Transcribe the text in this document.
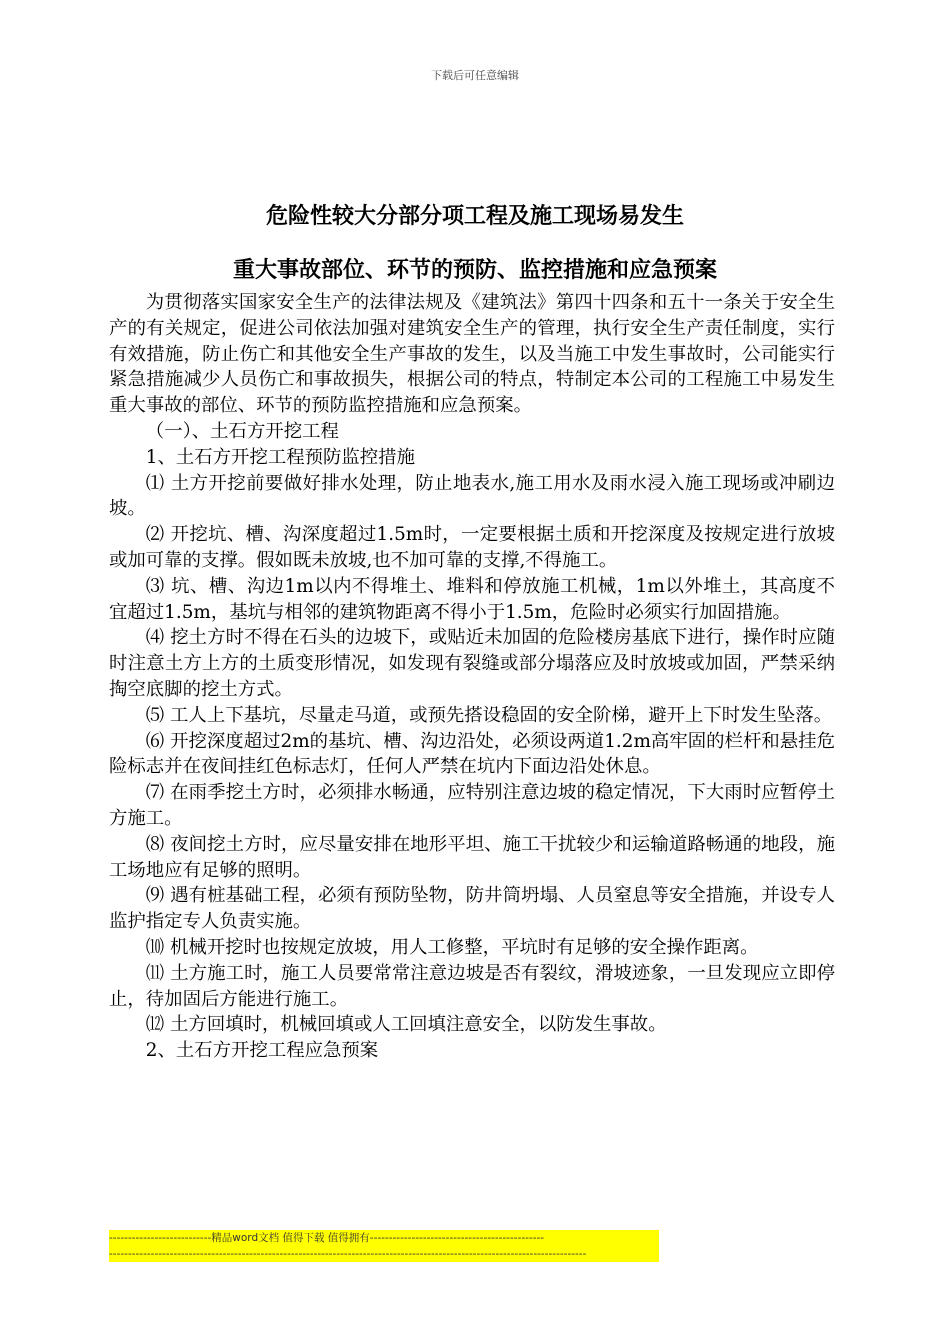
下载后可任意编辑
危险性较大分部分项工程及施工现场易发生
重大事故部位、环节的预防、监控措施和应急预案

为贯彻落实国家安全生产的法律法规及《建筑法》第四十四条和五十一条关于安全生产的有关规定，促进公司依法加强对建筑安全生产的管理，执行安全生产责任制度，实行有效措施，防止伤亡和其他安全生产事故的发生，以及当施工中发生事故时，公司能实行紧急措施减少人员伤亡和事故损失，根据公司的特点，特制定本公司的工程施工中易发生重大事故的部位、环节的预防监控措施和应急预案。

（一）、土石方开挖工程

1、土石方开挖工程预防监控措施

⑴ 土方开挖前要做好排水处理，防止地表水,施工用水及雨水浸入施工现场或冲刷边坡。

⑵ 开挖坑、槽、沟深度超过1.5m时，一定要根据土质和开挖深度及按规定进行放坡或加可靠的支撑。假如既未放坡,也不加可靠的支撑,不得施工。

⑶ 坑、槽、沟边1m以内不得堆土、堆料和停放施工机械，1m以外堆土，其高度不宜超过1.5m，基坑与相邻的建筑物距离不得小于1.5m，危险时必须实行加固措施。

⑷ 挖土方时不得在石头的边坡下，或贴近未加固的危险楼房基底下进行，操作时应随时注意土方上方的土质变形情况，如发现有裂缝或部分塌落应及时放坡或加固，严禁采纳掏空底脚的挖土方式。

⑸ 工人上下基坑，尽量走马道，或预先搭设稳固的安全阶梯，避开上下时发生坠落。

⑹ 开挖深度超过2m的基坑、槽、沟边沿处，必须设两道1.2m高牢固的栏杆和悬挂危险标志并在夜间挂红色标志灯，任何人严禁在坑内下面边沿处休息。

⑺ 在雨季挖土方时，必须排水畅通，应特别注意边坡的稳定情况，下大雨时应暂停土方施工。

⑻ 夜间挖土方时，应尽量安排在地形平坦、施工干扰较少和运输道路畅通的地段，施工场地应有足够的照明。

⑼ 遇有桩基础工程，必须有预防坠物，防井筒坍塌、人员窒息等安全措施，并设专人监护指定专人负责实施。

⑽ 机械开挖时也按规定放坡，用人工修整，平坑时有足够的安全操作距离。

⑾ 土方施工时，施工人员要常常注意边坡是否有裂纹，滑坡迹象，一旦发现应立即停止，待加固后方能进行施工。

⑿ 土方回填时，机械回填或人工回填注意安全，以防发生事故。

2、土石方开挖工程应急预案

---------------------------精品word文档 值得下载 值得拥有----------------------------------------------
------------------------------------------------------------------------------------------------------------------------------
